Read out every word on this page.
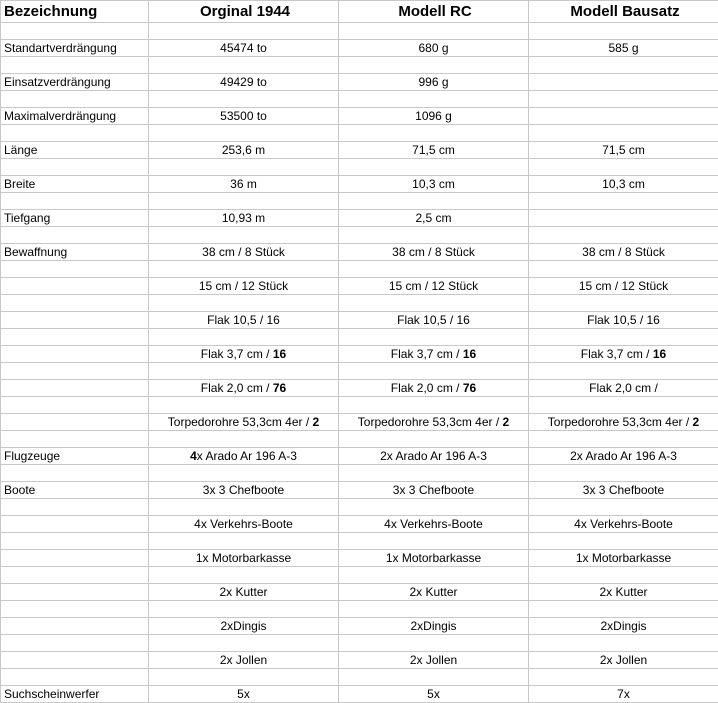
Bezeichnung	Orginal 1944	Modell RC	Modell Bausatz

Standartverdrängung	45474 to	680 g	585 g

Einsatzverdrängung	49429 to	996 g	

Maximalverdrängung	53500 to	1096 g	

Länge	253,6 m	71,5 cm	71,5 cm

Breite	36 m	10,3 cm	10,3 cm

Tiefgang	10,93 m	2,5 cm	

Bewaffnung	38 cm / 8 Stück	38 cm / 8 Stück	38 cm / 8 Stück

	15 cm / 12 Stück	15 cm / 12 Stück	15 cm / 12 Stück

	Flak 10,5 / 16	Flak 10,5 / 16	Flak 10,5 / 16

	Flak 3,7 cm / 16	Flak 3,7 cm / 16	Flak 3,7 cm / 16

	Flak 2,0 cm / 76	Flak 2,0 cm / 76	Flak 2,0 cm /

	Torpedorohre 53,3cm 4er / 2	Torpedorohre 53,3cm 4er / 2	Torpedorohre 53,3cm 4er / 2

Flugzeuge	4x Arado Ar 196 A-3	2x Arado Ar 196 A-3	2x Arado Ar 196 A-3

Boote	3x 3 Chefboote	3x 3 Chefboote	3x 3 Chefboote

	4x Verkehrs-Boote	4x Verkehrs-Boote	4x Verkehrs-Boote

	1x Motorbarkasse	1x Motorbarkasse	1x Motorbarkasse

	2x Kutter	2x Kutter	2x Kutter

	2xDingis	2xDingis	2xDingis

	2x Jollen	2x Jollen	2x Jollen

Suchscheinwerfer	5x	5x	7x
